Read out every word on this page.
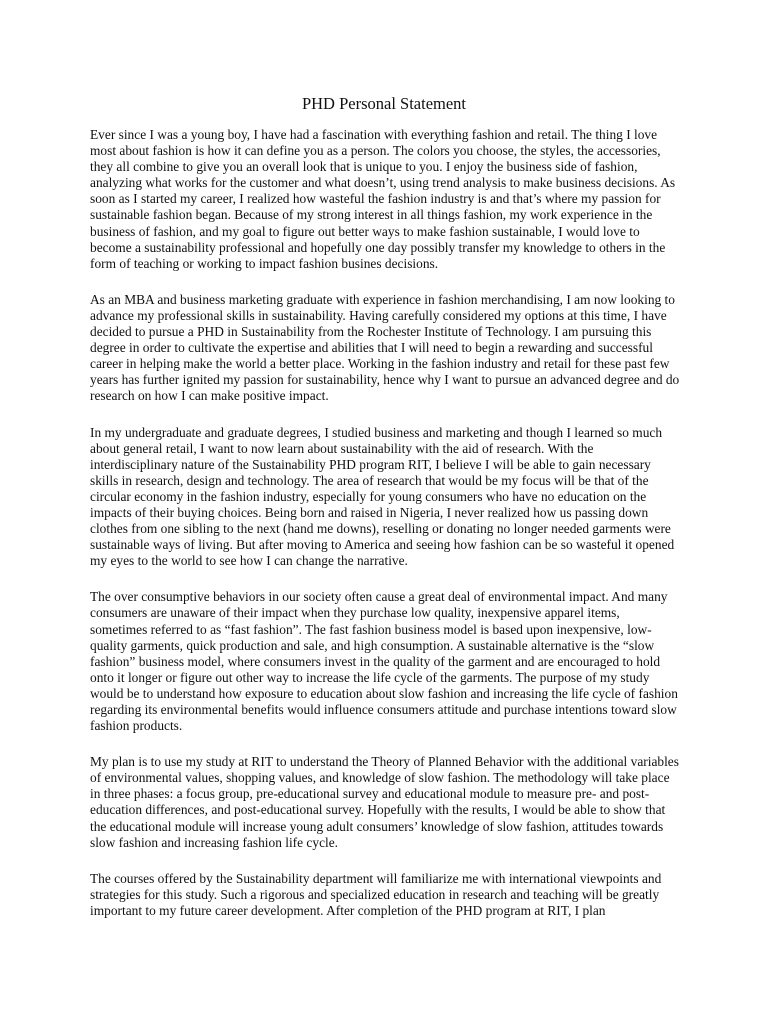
PHD Personal Statement

Ever since I was a young boy, I have had a fascination with everything fashion and retail. The thing I love most about fashion is how it can define you as a person. The colors you choose, the styles, the accessories, they all combine to give you an overall look that is unique to you. I enjoy the business side of fashion, analyzing what works for the customer and what doesn’t, using trend analysis to make business decisions. As soon as I started my career, I realized how wasteful the fashion industry is and that’s where my passion for sustainable fashion began. Because of my strong interest in all things fashion, my work experience in the business of fashion, and my goal to figure out better ways to make fashion sustainable, I would love to become a sustainability professional and hopefully one day possibly transfer my knowledge to others in the form of teaching or working to impact fashion busines decisions.

As an MBA and business marketing graduate with experience in fashion merchandising, I am now looking to advance my professional skills in sustainability. Having carefully considered my options at this time, I have decided to pursue a PHD in Sustainability from the Rochester Institute of Technology. I am pursuing this degree in order to cultivate the expertise and abilities that I will need to begin a rewarding and successful career in helping make the world a better place. Working in the fashion industry and retail for these past few years has further ignited my passion for sustainability, hence why I want to pursue an advanced degree and do research on how I can make positive impact.

In my undergraduate and graduate degrees, I studied business and marketing and though I learned so much about general retail, I want to now learn about sustainability with the aid of research. With the interdisciplinary nature of the Sustainability PHD program RIT, I believe I will be able to gain necessary skills in research, design and technology. The area of research that would be my focus will be that of the circular economy in the fashion industry, especially for young consumers who have no education on the impacts of their buying choices. Being born and raised in Nigeria, I never realized how us passing down clothes from one sibling to the next (hand me downs), reselling or donating no longer needed garments were sustainable ways of living. But after moving to America and seeing how fashion can be so wasteful it opened my eyes to the world to see how I can change the narrative.

The over consumptive behaviors in our society often cause a great deal of environmental impact. And many consumers are unaware of their impact when they purchase low quality, inexpensive apparel items, sometimes referred to as “fast fashion”. The fast fashion business model is based upon inexpensive, low-quality garments, quick production and sale, and high consumption. A sustainable alternative is the “slow fashion” business model, where consumers invest in the quality of the garment and are encouraged to hold onto it longer or figure out other way to increase the life cycle of the garments. The purpose of my study would be to understand how exposure to education about slow fashion and increasing the life cycle of fashion regarding its environmental benefits would influence consumers attitude and purchase intentions toward slow fashion products.

My plan is to use my study at RIT to understand the Theory of Planned Behavior with the additional variables of environmental values, shopping values, and knowledge of slow fashion. The methodology will take place in three phases: a focus group, pre-educational survey and educational module to measure pre- and post-education differences, and post-educational survey. Hopefully with the results, I would be able to show that the educational module will increase young adult consumers’ knowledge of slow fashion, attitudes towards slow fashion and increasing fashion life cycle.

The courses offered by the Sustainability department will familiarize me with international viewpoints and strategies for this study. Such a rigorous and specialized education in research and teaching will be greatly important to my future career development. After completion of the PHD program at RIT, I plan
